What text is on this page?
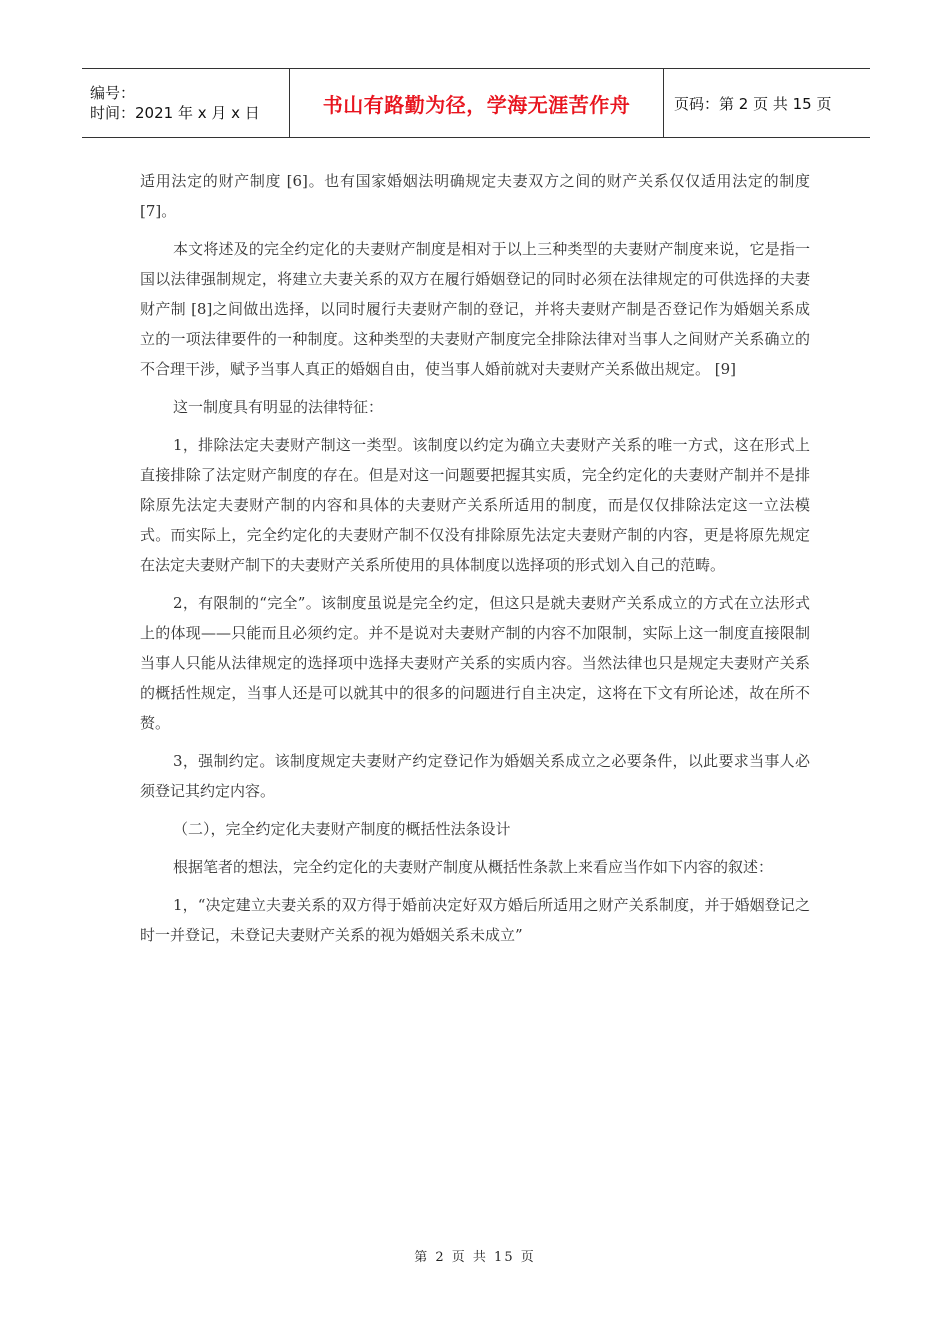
编号：
时间：2021 年 x 月 x 日	书山有路勤为径，学海无涯苦作舟	页码：第 2 页 共 15 页

适用法定的财产制度 [6]。也有国家婚姻法明确规定夫妻双方之间的财产关系仅仅适用法定的制度 [7]。

本文将述及的完全约定化的夫妻财产制度是相对于以上三种类型的夫妻财产制度来说，它是指一国以法律强制规定，将建立夫妻关系的双方在履行婚姻登记的同时必须在法律规定的可供选择的夫妻财产制 [8]之间做出选择，以同时履行夫妻财产制的登记，并将夫妻财产制是否登记作为婚姻关系成立的一项法律要件的一种制度。这种类型的夫妻财产制度完全排除法律对当事人之间财产关系确立的不合理干涉，赋予当事人真正的婚姻自由，使当事人婚前就对夫妻财产关系做出规定。 [9]

这一制度具有明显的法律特征：

1，排除法定夫妻财产制这一类型。该制度以约定为确立夫妻财产关系的唯一方式，这在形式上直接排除了法定财产制度的存在。但是对这一问题要把握其实质，完全约定化的夫妻财产制并不是排除原先法定夫妻财产制的内容和具体的夫妻财产关系所适用的制度，而是仅仅排除法定这一立法模式。而实际上，完全约定化的夫妻财产制不仅没有排除原先法定夫妻财产制的内容，更是将原先规定在法定夫妻财产制下的夫妻财产关系所使用的具体制度以选择项的形式划入自己的范畴。

2，有限制的“完全”。该制度虽说是完全约定，但这只是就夫妻财产关系成立的方式在立法形式上的体现——只能而且必须约定。并不是说对夫妻财产制的内容不加限制，实际上这一制度直接限制当事人只能从法律规定的选择项中选择夫妻财产关系的实质内容。当然法律也只是规定夫妻财产关系的概括性规定，当事人还是可以就其中的很多的问题进行自主决定，这将在下文有所论述，故在所不赘。

3，强制约定。该制度规定夫妻财产约定登记作为婚姻关系成立之必要条件，以此要求当事人必须登记其约定内容。

（二），完全约定化夫妻财产制度的概括性法条设计

根据笔者的想法，完全约定化的夫妻财产制度从概括性条款上来看应当作如下内容的叙述：

1，“决定建立夫妻关系的双方得于婚前决定好双方婚后所适用之财产关系制度，并于婚姻登记之时一并登记，未登记夫妻财产关系的视为婚姻关系未成立”

第 2 页 共 15 页
